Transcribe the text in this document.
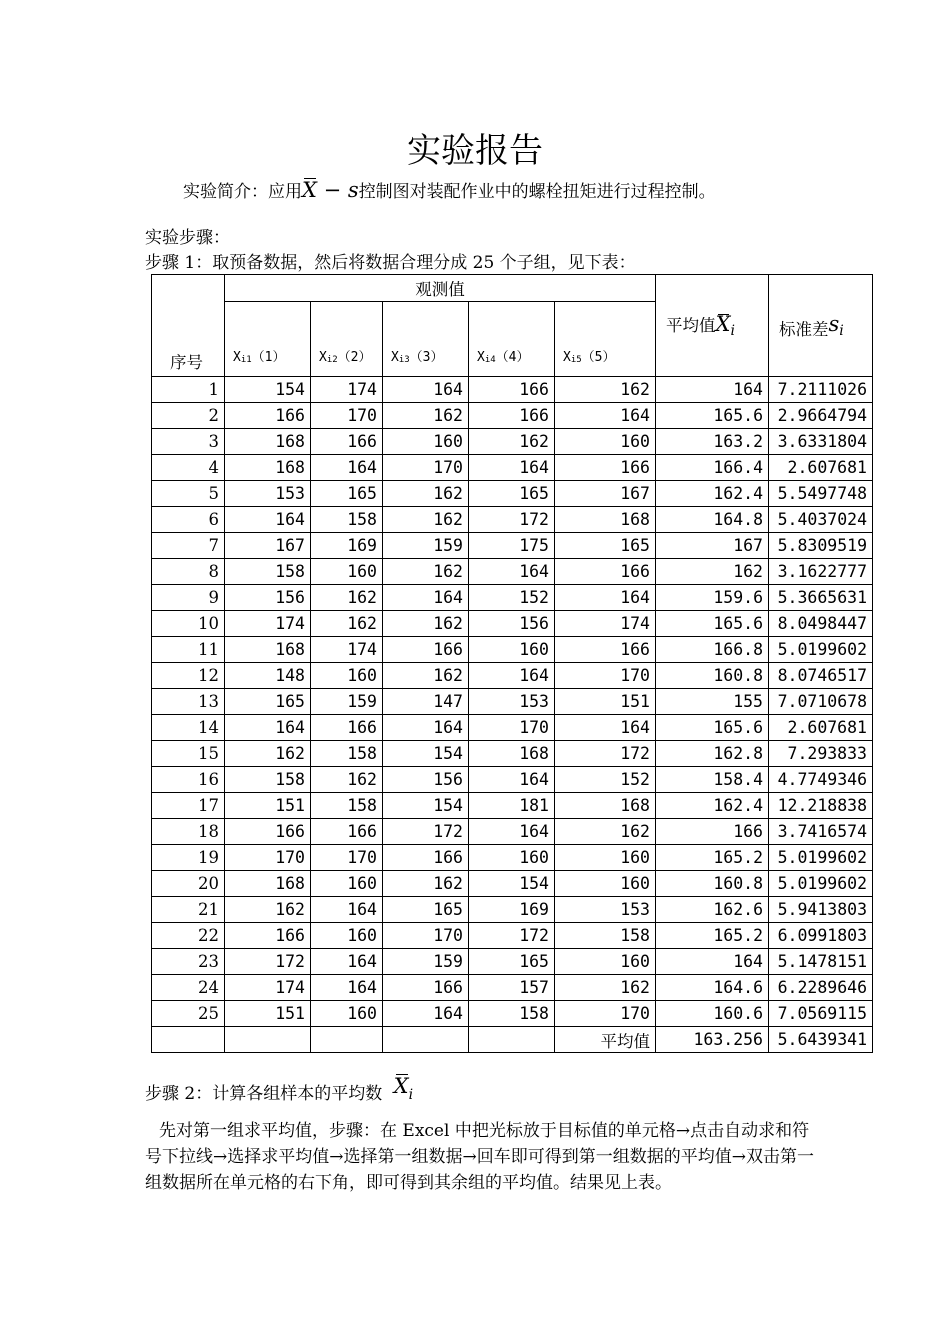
实验报告
实验简介：应用X − s控制图对装配作业中的螺栓扭矩进行过程控制。
实验步骤：
步骤 1：取预备数据，然后将数据合理分成 25 个子组，见下表：
序号	观测值					平均值$X_i$	标准差si
	Xi1（1）	Xi2（2）	Xi3（3）	Xi4（4）	Xi5（5）		
1	154	174	164	166	162	164	7.2111026
2	166	170	162	166	164	165.6	2.9664794
3	168	166	160	162	160	163.2	3.6331804
4	168	164	170	164	166	166.4	2.607681
5	153	165	162	165	167	162.4	5.5497748
6	164	158	162	172	168	164.8	5.4037024
7	167	169	159	175	165	167	5.8309519
8	158	160	162	164	166	162	3.1622777
9	156	162	164	152	164	159.6	5.3665631
10	174	162	162	156	174	165.6	8.0498447
11	168	174	166	160	166	166.8	5.0199602
12	148	160	162	164	170	160.8	8.0746517
13	165	159	147	153	151	155	7.0710678
14	164	166	164	170	164	165.6	2.607681
15	162	158	154	168	172	162.8	7.293833
16	158	162	156	164	152	158.4	4.7749346
17	151	158	154	181	168	162.4	12.218838
18	166	166	172	164	162	166	3.7416574
19	170	170	166	160	160	165.2	5.0199602
20	168	160	162	154	160	160.8	5.0199602
21	162	164	165	169	153	162.6	5.9413803
22	166	160	170	172	158	165.2	6.0991803
23	172	164	159	165	160	164	5.1478151
24	174	164	166	157	162	164.6	6.2289646
25	151	160	164	158	170	160.6	7.0569115
					平均值	163.256	5.6439341
步骤 2：计算各组样本的平均数 Xi

先对第一组求平均值，步骤：在 Excel 中把光标放于目标值的单元格→点击自动求和符号下拉线→选择求平均值→选择第一组数据→回车即可得到第一组数据的平均值→双击第一组数据所在单元格的右下角，即可得到其余组的平均值。结果见上表。
